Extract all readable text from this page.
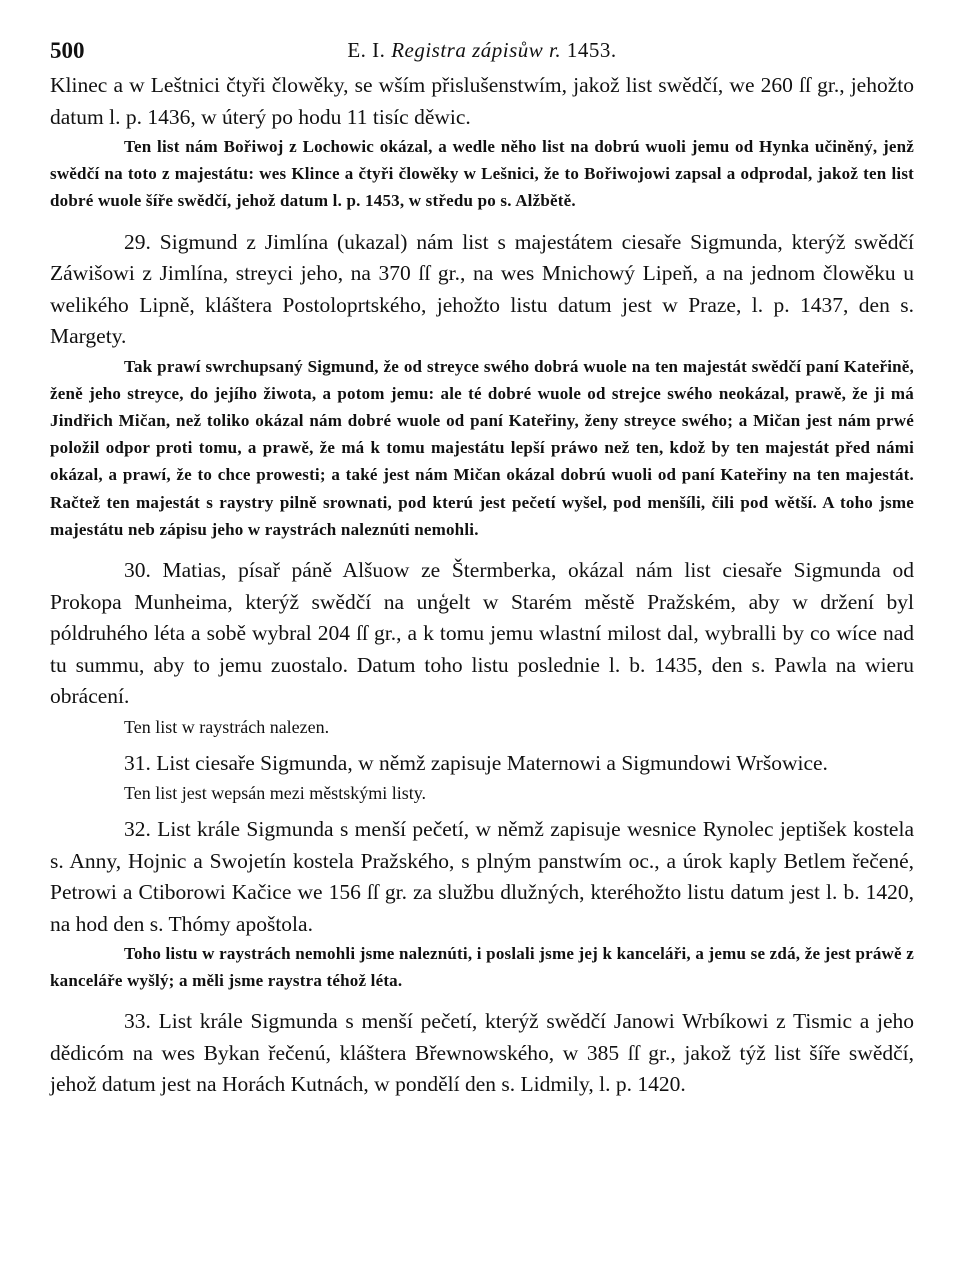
500	E. I. Registra zápisůw r. 1453.

Klinec a w Leštnici čtyři člowěky, se wším přislušenstwím, jakož list swědčí, we 260 ſſ gr., jehožto datum l. p. 1436, w úterý po hodu 11 tisíc děwic.

Ten list nám Bořiwoj z Lochowic okázal, a wedle něho list na dobrú wuoli jemu od Hynka učiněný, jenž swědčí na toto z majestátu: wes Klince a čtyři člowěky w Lešnici, že to Bořiwojowi zapsal a odprodal, jakož ten list dobré wuole šíře swědčí, jehož datum l. p. 1453, w středu po s. Alžbětě.

29. Sigmund z Jimlína (ukazal) nám list s majestátem ciesaře Sigmunda, kterýž swědčí Záwišowi z Jimlína, streyci jeho, na 370 ſſ gr., na wes Mnichowý Lipeň, a na jednom člowěku u welikého Lipně, kláštera Postoloprtského, jehožto listu datum jest w Praze, l. p. 1437, den s. Margety.

Tak prawí swrchupsaný Sigmund, že od streyce swého dobrá wuole na ten majestát swědčí paní Kateřině, ženě jeho streyce, do jejího žiwota, a potom jemu: ale té dobré wuole od strejce swého neokázal, prawě, že ji má Jindřich Mičan, než toliko okázal nám dobré wuole od paní Kateřiny, ženy streyce swého; a Mičan jest nám prwé položil odpor proti tomu, a prawě, že má k tomu majestátu lepší práwo než ten, kdož by ten majestát před námi okázal, a prawí, že to chce prowesti; a také jest nám Mičan okázal dobrú wuoli od paní Kateřiny na ten majestát. Račtež ten majestát s raystry pilně srownati, pod kterú jest pečetí wyšel, pod menšíli, čili pod wětší. A toho jsme majestátu neb zápisu jeho w raystrách naleznúti nemohli.

30. Matias, písař páně Alšuow ze Štermberka, okázal nám list ciesaře Sigmunda od Prokopa Munheima, kterýž swědčí na unģelt w Starém městě Pražském, aby w držení byl póldruhého léta a sobě wybral 204 ſſ gr., a k tomu jemu wlastní milost dal, wybralli by co wíce nad tu summu, aby to jemu zuostalo. Datum toho listu poslednie l. b. 1435, den s. Pawla na wieru obrácení.

Ten list w raystrách nalezen.

31. List ciesaře Sigmunda, w němž zapisuje Maternowi a Sigmundowi Wršowice.

Ten list jest wepsán mezi městskými listy.

32. List krále Sigmunda s menší pečetí, w němž zapisuje wesnice Rynolec jeptišek kostela s. Anny, Hojnic a Swojetín kostela Pražského, s plným panstwím oc., a úrok kaply Betlem řečené, Petrowi a Ctiborowi Kačice we 156 ſſ gr. za službu dlužných, kteréhožto listu datum jest l. b. 1420, na hod den s. Thómy apoštola.

Toho listu w raystrách nemohli jsme naleznúti, i poslali jsme jej k kanceláři, a jemu se zdá, že jest práwě z kanceláře wyšlý; a měli jsme raystra téhož léta.

33. List krále Sigmunda s menší pečetí, kterýž swědčí Janowi Wrbíkowi z Tismic a jeho dědicóm na wes Bykan řečenú, kláštera Břewnowského, w 385 ſſ gr., jakož týž list šíře swědčí, jehož datum jest na Horách Kutnách, w pondělí den s. Lidmily, l. p. 1420.
